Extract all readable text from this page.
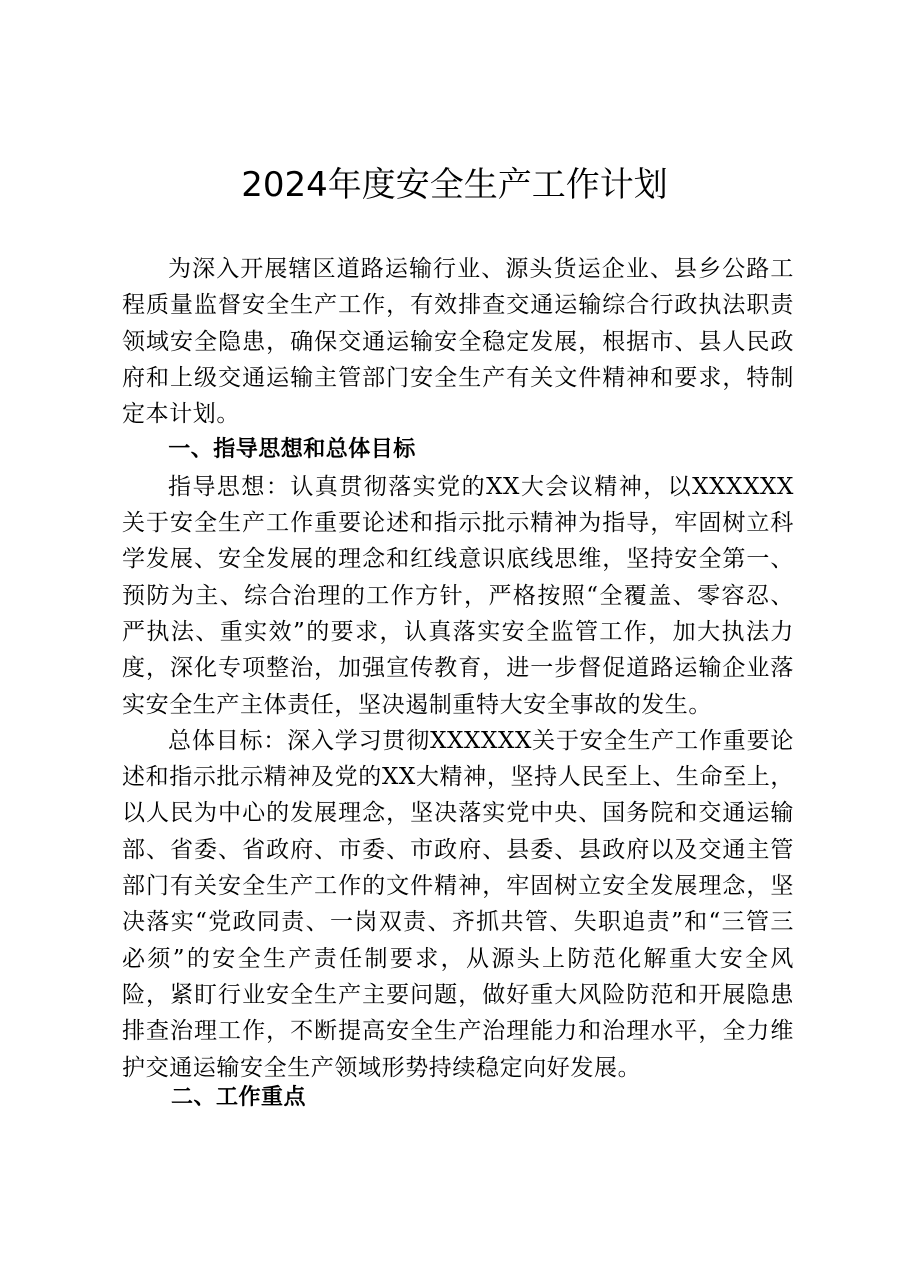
2024年度安全生产工作计划

为深入开展辖区道路运输行业、源头货运企业、县乡公路工程质量监督安全生产工作，有效排查交通运输综合行政执法职责领域安全隐患，确保交通运输安全稳定发展，根据市、县人民政府和上级交通运输主管部门安全生产有关文件精神和要求，特制定本计划。

一、指导思想和总体目标

指导思想：认真贯彻落实党的XX大会议精神，以XXXXXX关于安全生产工作重要论述和指示批示精神为指导，牢固树立科学发展、安全发展的理念和红线意识底线思维，坚持安全第一、预防为主、综合治理的工作方针，严格按照“全覆盖、零容忍、严执法、重实效”的要求，认真落实安全监管工作，加大执法力度，深化专项整治，加强宣传教育，进一步督促道路运输企业落实安全生产主体责任，坚决遏制重特大安全事故的发生。

总体目标：深入学习贯彻XXXXXX关于安全生产工作重要论述和指示批示精神及党的XX大精神，坚持人民至上、生命至上，以人民为中心的发展理念，坚决落实党中央、国务院和交通运输部、省委、省政府、市委、市政府、县委、县政府以及交通主管部门有关安全生产工作的文件精神，牢固树立安全发展理念，坚决落实“党政同责、一岗双责、齐抓共管、失职追责”和“三管三必须”的安全生产责任制要求，从源头上防范化解重大安全风险，紧盯行业安全生产主要问题，做好重大风险防范和开展隐患排查治理工作，不断提高安全生产治理能力和治理水平，全力维护交通运输安全生产领域形势持续稳定向好发展。

二、工作重点
